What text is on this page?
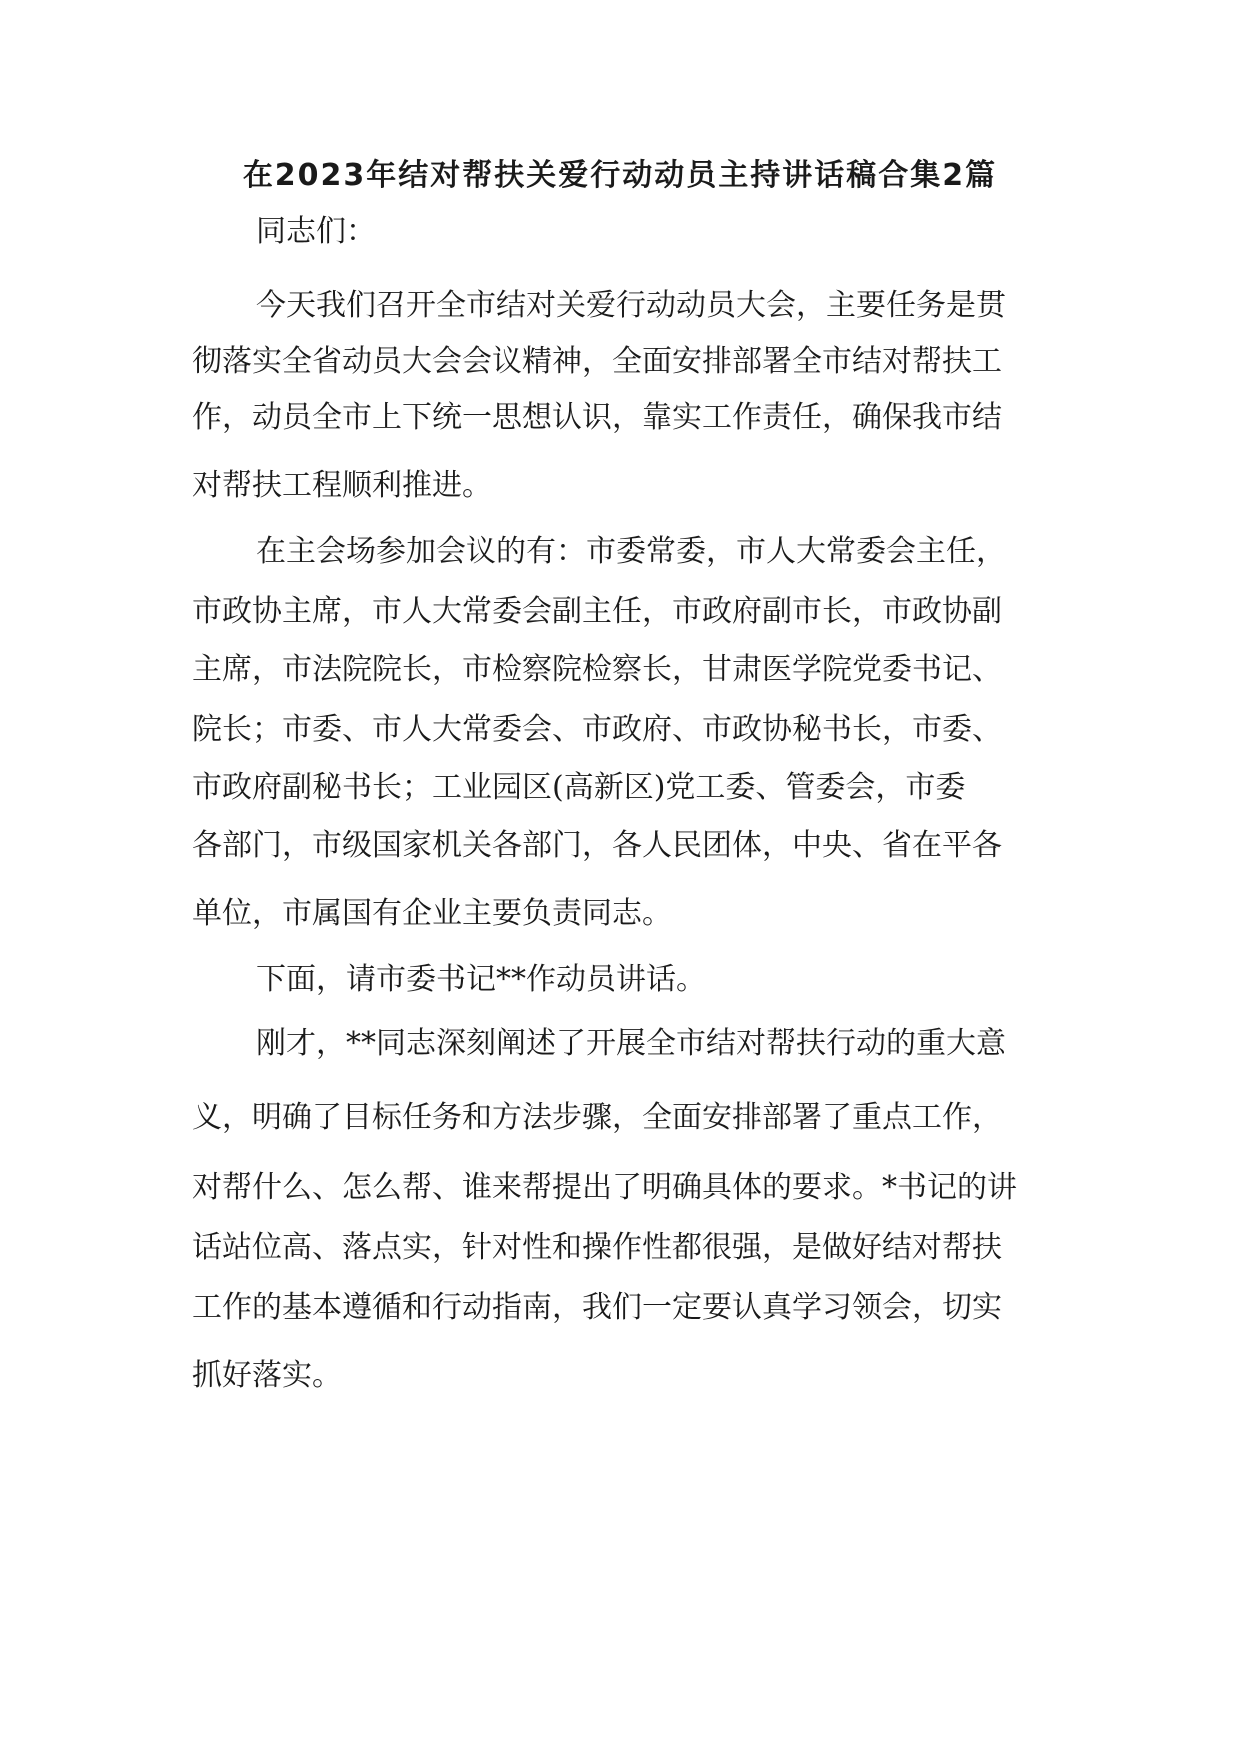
在2023年结对帮扶关爱行动动员主持讲话稿合集2篇
同志们：
今天我们召开全市结对关爱行动动员大会，主要任务是贯
彻落实全省动员大会会议精神，全面安排部署全市结对帮扶工
作，动员全市上下统一思想认识，靠实工作责任，确保我市结
对帮扶工程顺利推进。
在主会场参加会议的有：市委常委，市人大常委会主任，
市政协主席，市人大常委会副主任，市政府副市长，市政协副
主席，市法院院长，市检察院检察长，甘肃医学院党委书记、
院长；市委、市人大常委会、市政府、市政协秘书长，市委、
市政府副秘书长；工业园区(高新区)党工委、管委会，市委
各部门，市级国家机关各部门，各人民团体，中央、省在平各
单位，市属国有企业主要负责同志。
下面，请市委书记**作动员讲话。
刚才，**同志深刻阐述了开展全市结对帮扶行动的重大意
义，明确了目标任务和方法步骤，全面安排部署了重点工作，
对帮什么、怎么帮、谁来帮提出了明确具体的要求。*书记的讲
话站位高、落点实，针对性和操作性都很强，是做好结对帮扶
工作的基本遵循和行动指南，我们一定要认真学习领会，切实
抓好落实。
